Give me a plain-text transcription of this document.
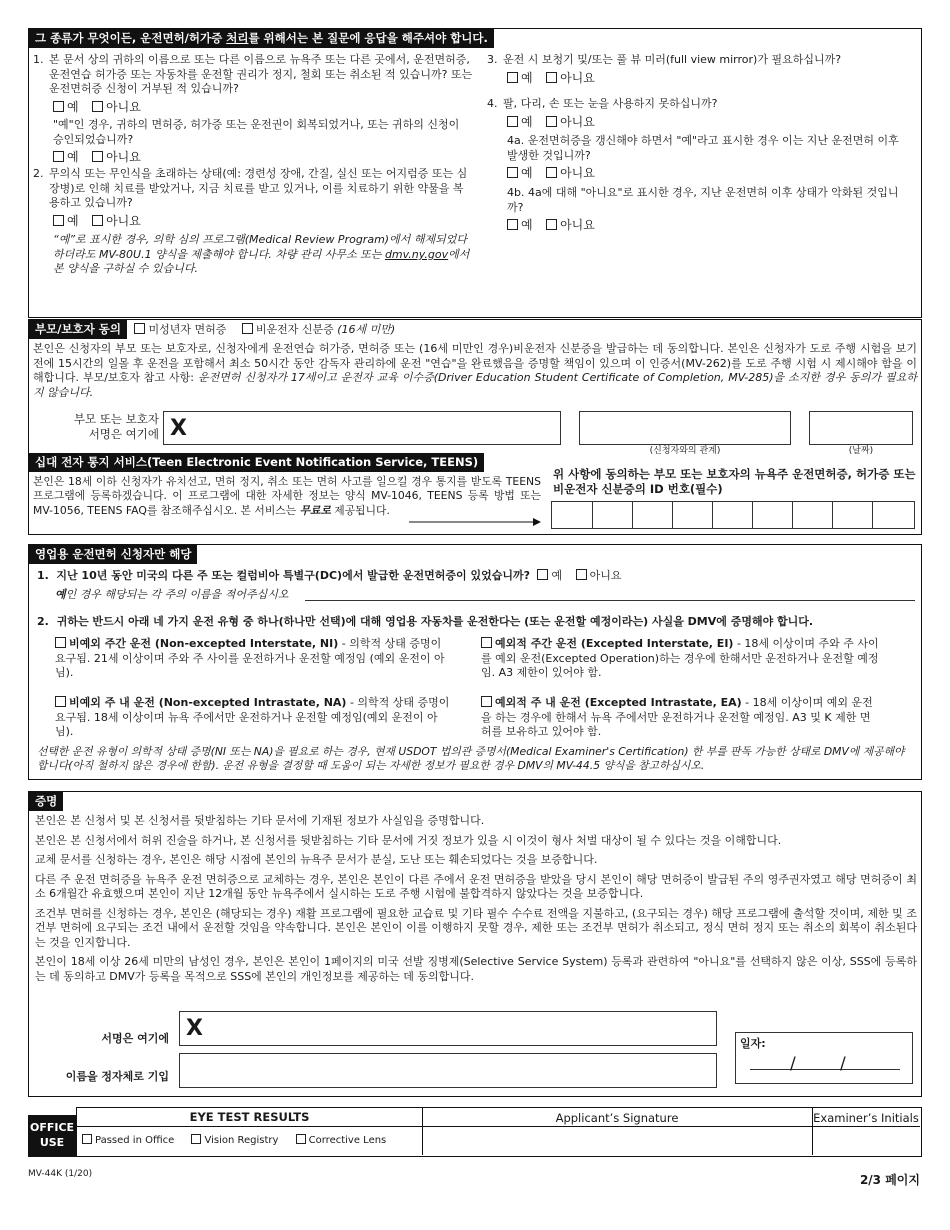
그 종류가 무엇이든, 운전면허/허가증 처리를 위해서는 본 질문에 응답을 해주셔야 합니다.
1. 본 문서 상의 귀하의 이름으로 또는 다른 이름으로 뉴욕주 또는 다른 곳에서, 운전면허증, 운전연습 허가증 또는 자동차를 운전할 권리가 정지, 철회 또는 취소된 적 있습니까? 또는 운전면허증 신청이 거부된 적 있습니까?

예 아니요

"예"인 경우, 귀하의 면허증, 허가증 또는 운전권이 회복되었거나, 또는 귀하의 신청이 승인되었습니까?

예 아니요
2. 무의식 또는 무인식을 초래하는 상태(예: 경련성 장애, 간질, 실신 또는 어지럼증 또는 심장병)로 인해 치료를 받았거나, 지금 치료를 받고 있거나, 이를 치료하기 위한 약물을 복용하고 있습니까?

예 아니요

“예”로 표시한 경우, 의학 심의 프로그램(Medical Review Program)에서 해제되었다 하더라도 MV-80U.1 양식을 제출해야 합니다. 차량 관리 사무소 또는 dmv.ny.gov에서 본 양식을 구하실 수 있습니다.

3. 운전 시 보청기 및/또는 풀 뷰 미러(full view mirror)가 필요하십니까?

예 아니요
4. 팔, 다리, 손 또는 눈을 사용하지 못하십니까?

예 아니요

4a. 운전면허증을 갱신해야 하면서 "예"라고 표시한 경우 이는 지난 운전면허 이후 발생한 것입니까?

예 아니요

4b. 4a에 대해 "아니요"로 표시한 경우, 지난 운전면허 이후 상태가 악화된 것입니까?

예 아니요
부모/보호자 동의	미성년자 면허증	비운전자 신분증 (16세 미만)

본인은 신청자의 부모 또는 보호자로, 신청자에게 운전연습 허가증, 면허증 또는 (16세 미만인 경우)비운전자 신분증을 발급하는 데 동의합니다. 본인은 신청자가 도로 주행 시험을 보기 전에 15시간의 일몰 후 운전을 포함해서 최소 50시간 동안 감독자 관리하에 운전 "연습"을 완료했음을 증명할 책임이 있으며 이 인증서(MV-262)를 도로 주행 시험 시 제시해야 함을 이해합니다. 부모/보호자 참고 사항: 운전면허 신청자가 17세이고 운전자 교육 이수증(Driver Education Student Certificate of Completion, MV-285)을 소지한 경우 동의가 필요하지 않습니다.

부모 또는 보호자 서명은 여기에 X
(신청자와의 관계)	(날짜)
십대 전자 통지 서비스(Teen Electronic Event Notification Service, TEENS)

본인은 18세 이하 신청자가 유치선고, 면허 정지, 취소 또는 면허 사고를 일으킬 경우 통지를 받도록 TEENS 프로그램에 등록하겠습니다. 이 프로그램에 대한 자세한 정보는 양식 MV-1046, TEENS 등록 방법 또는 MV-1056, TEENS FAQ를 참조해주십시오. 본 서비스는 무료로 제공됩니다.

위 사항에 동의하는 부모 또는 보호자의 뉴욕주 운전면허증, 허가증 또는 비운전자 신분증의 ID 번호(필수)

영업용 운전면허 신청자만 해당
1. 지난 10년 동안 미국의 다른 주 또는 컬럼비아 특별구(DC)에서 발급한 운전면허증이 있었습니까? 예	아니요
예인 경우 해당되는 각 주의 이름을 적어주십시오
2. 귀하는 반드시 아래 네 가지 운전 유형 중 하나(하나만 선택)에 대해 영업용 자동차를 운전한다는 (또는 운전할 예정이라는) 사실을 DMV에 증명해야 합니다.
비예외 주간 운전 (Non-excepted Interstate, NI) - 의학적 상태 증명이 요구됨. 21세 이상이며 주와 주 사이를 운전하거나 운전할 예정임 (예외 운전이 아님).
예외적 주간 운전 (Excepted Interstate, EI) - 18세 이상이며 주와 주 사이를 예외 운전(Excepted Operation)하는 경우에 한해서만 운전하거나 운전할 예정임. A3 제한이 있어야 함.
비예외 주 내 운전 (Non-excepted Intrastate, NA) - 의학적 상태 증명이 요구됨. 18세 이상이며 뉴욕 주에서만 운전하거나 운전할 예정임(예외 운전이 아님).
예외적 주 내 운전 (Excepted Intrastate, EA) - 18세 이상이며 예외 운전을 하는 경우에 한해서 뉴욕 주에서만 운전하거나 운전할 예정임. A3 및 K 제한 면허를 보유하고 있어야 함.

선택한 운전 유형이 의학적 상태 증명(NI 또는 NA)을 필요로 하는 경우, 현재 USDOT 법의관 증명서(Medical Examiner's Certification) 한 부를 판독 가능한 상태로 DMV에 제공해야 합니다(아직 철하지 않은 경우에 한함). 운전 유형을 결정할 때 도움이 되는 자세한 정보가 필요한 경우 DMV의 MV-44.5 양식을 참고하십시오.

증명

본인은 본 신청서 및 본 신청서를 뒷받침하는 기타 문서에 기재된 정보가 사실임을 증명합니다.

본인은 본 신청서에서 허위 진술을 하거나, 본 신청서를 뒷받침하는 기타 문서에 거짓 정보가 있을 시 이것이 형사 처벌 대상이 될 수 있다는 것을 이해합니다.

교체 문서를 신청하는 경우, 본인은 해당 시점에 본인의 뉴욕주 문서가 분실, 도난 또는 훼손되었다는 것을 보증합니다.

다른 주 운전 면허증을 뉴욕주 운전 면허증으로 교체하는 경우, 본인은 본인이 다른 주에서 운전 면허증을 받았을 당시 본인이 해당 면허증이 발급된 주의 영주권자였고 해당 면허증이 최소 6개월간 유효했으며 본인이 지난 12개월 동안 뉴욕주에서 실시하는 도로 주행 시험에 불합격하지 않았다는 것을 보증합니다.

조건부 면허를 신청하는 경우, 본인은 (해당되는 경우) 재활 프로그램에 필요한 교습료 및 기타 필수 수수료 전액을 지불하고, (요구되는 경우) 해당 프로그램에 출석할 것이며, 제한 및 조건부 면허에 요구되는 조건 내에서 운전할 것임을 약속합니다. 본인은 본인이 이를 이행하지 못할 경우, 제한 또는 조건부 면허가 취소되고, 정식 면허 정지 또는 취소의 회복이 취소된다는 것을 인지합니다.

본인이 18세 이상 26세 미만의 남성인 경우, 본인은 본인이 1페이지의 미국 선발 징병제(Selective Service System) 등록과 관련하여 "아니요"를 선택하지 않은 이상, SSS에 등록하는 데 동의하고 DMV가 등록을 목적으로 SSS에 본인의 개인정보를 제공하는 데 동의합니다.

서명은 여기에 X
이름을 정자체로 기입
일자:
/	/
OFFICE
USE
EYE TEST RESULTS
Passed in Office	Vision Registry	Corrective Lens
Applicant’s Signature	Examiner’s Initials
MV-44K (1/20)	2/3 페이지
